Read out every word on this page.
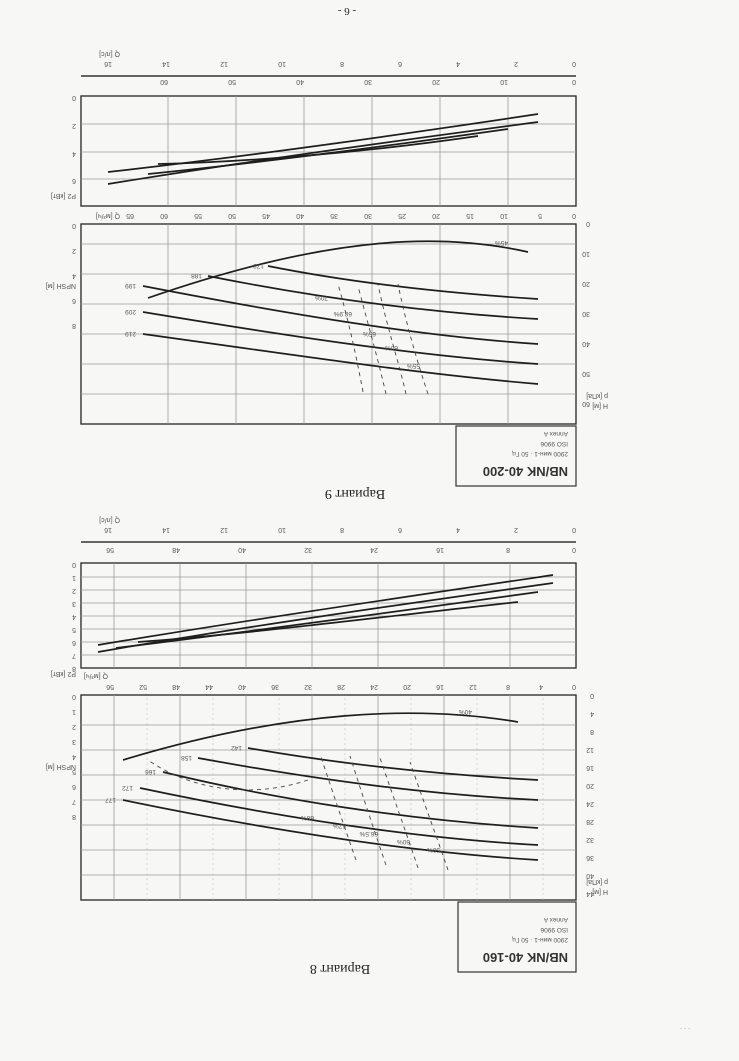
- 6 -
NB/NK 40-200
2900 мин-1 · 50 Гц
ISO 9906
Annex A
219
209
199
188
178
45%
55%
60%
65%
68.9%
70%
H [м]
p [кПа]
NPSH [м]
0
10
20
30
40
50
60
0
2
4
6
8
0
5
10
15
20
25
30
35
40
45
50
55
60
65
Q [м³/ч]
0
2
4
6
P2 [кВт]
0
10
20
30
40
50
60
0
2
4
6
8
10
12
14
16
Q [л/с]
Вариант 9
NB/NK 40-160
2900 мин-1 · 50 Гц
ISO 9906
Annex A
177
172
166
158
142
40%
50%
60%
66.5%
67%
68%
H [м]
p [кПа]
NPSH [м]
0
4
8
12
16
20
24
28
32
36
40
44
0
1
2
3
4
5
6
7
8
0
4
8
12
16
20
24
28
32
36
40
44
48
52
56
Q [м³/ч]
0
1
2
3
4
5
6
7
8
P2 [кВт]
0
8
16
24
32
40
48
56
0
2
4
6
8
10
12
14
16
Q [л/с]
Вариант 8
· · ·
